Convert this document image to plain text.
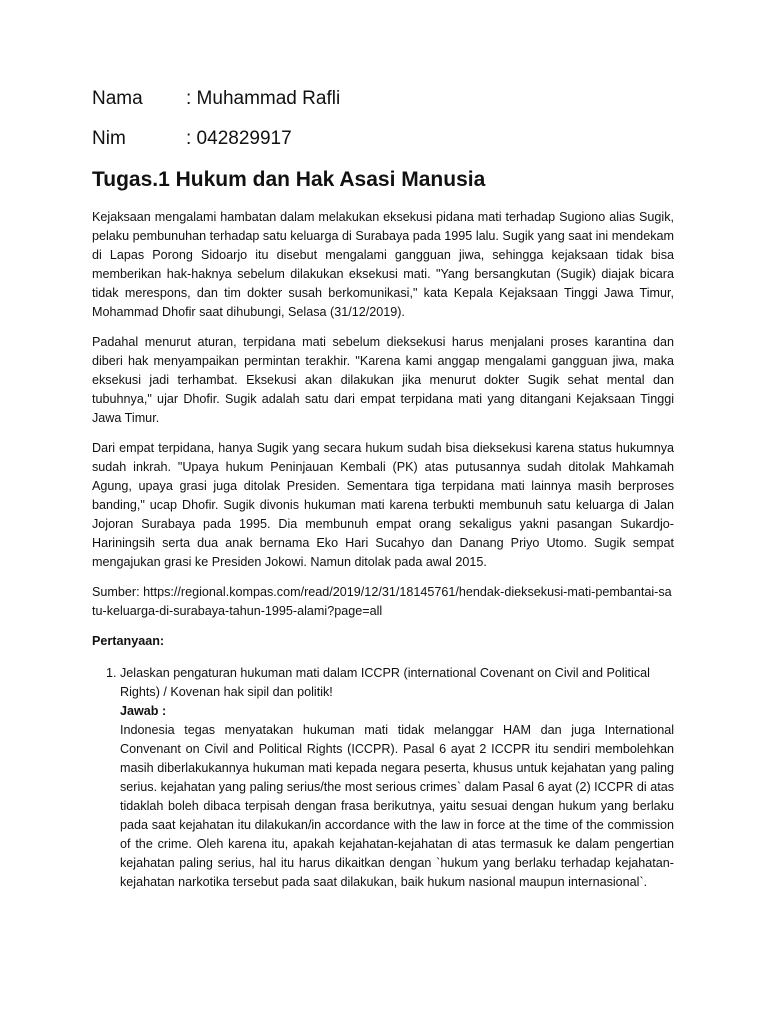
Nama : Muhammad Rafli
Nim	: 042829917
Tugas.1 Hukum dan Hak Asasi Manusia

Kejaksaan mengalami hambatan dalam melakukan eksekusi pidana mati terhadap Sugiono alias Sugik, pelaku pembunuhan terhadap satu keluarga di Surabaya pada 1995 lalu. Sugik yang saat ini mendekam di Lapas Porong Sidoarjo itu disebut mengalami gangguan jiwa, sehingga kejaksaan tidak bisa memberikan hak-haknya sebelum dilakukan eksekusi mati. "Yang bersangkutan (Sugik) diajak bicara tidak merespons, dan tim dokter susah berkomunikasi," kata Kepala Kejaksaan Tinggi Jawa Timur, Mohammad Dhofir saat dihubungi, Selasa (31/12/2019).

Padahal menurut aturan, terpidana mati sebelum dieksekusi harus menjalani proses karantina dan diberi hak menyampaikan permintan terakhir. "Karena kami anggap mengalami gangguan jiwa, maka eksekusi jadi terhambat. Eksekusi akan dilakukan jika menurut dokter Sugik sehat mental dan tubuhnya," ujar Dhofir. Sugik adalah satu dari empat terpidana mati yang ditangani Kejaksaan Tinggi Jawa Timur.

Dari empat terpidana, hanya Sugik yang secara hukum sudah bisa dieksekusi karena status hukumnya sudah inkrah. "Upaya hukum Peninjauan Kembali (PK) atas putusannya sudah ditolak Mahkamah Agung, upaya grasi juga ditolak Presiden. Sementara tiga terpidana mati lainnya masih berproses banding," ucap Dhofir. Sugik divonis hukuman mati karena terbukti membunuh satu keluarga di Jalan Jojoran Surabaya pada 1995. Dia membunuh empat orang sekaligus yakni pasangan Sukardjo-Hariningsih serta dua anak bernama Eko Hari Sucahyo dan Danang Priyo Utomo. Sugik sempat mengajukan grasi ke Presiden Jokowi. Namun ditolak pada awal 2015.

Sumber: https://regional.kompas.com/read/2019/12/31/18145761/hendak-dieksekusi-mati-pembantai-satu-keluarga-di-surabaya-tahun-1995-alami?page=all

Pertanyaan:

1. Jelaskan pengaturan hukuman mati dalam ICCPR (international Covenant on Civil and Political Rights) / Kovenan hak sipil dan politik!
Jawab :
Indonesia tegas menyatakan hukuman mati tidak melanggar HAM dan juga International Convenant on Civil and Political Rights (ICCPR). Pasal 6 ayat 2 ICCPR itu sendiri membolehkan masih diberlakukannya hukuman mati kepada negara peserta, khusus untuk kejahatan yang paling serius. kejahatan yang paling serius/the most serious crimes` dalam Pasal 6 ayat (2) ICCPR di atas tidaklah boleh dibaca terpisah dengan frasa berikutnya, yaitu sesuai dengan hukum yang berlaku pada saat kejahatan itu dilakukan/in accordance with the law in force at the time of the commission of the crime. Oleh karena itu, apakah kejahatan-kejahatan di atas termasuk ke dalam pengertian kejahatan paling serius, hal itu harus dikaitkan dengan `hukum yang berlaku terhadap kejahatan-kejahatan narkotika tersebut pada saat dilakukan, baik hukum nasional maupun internasional`.
